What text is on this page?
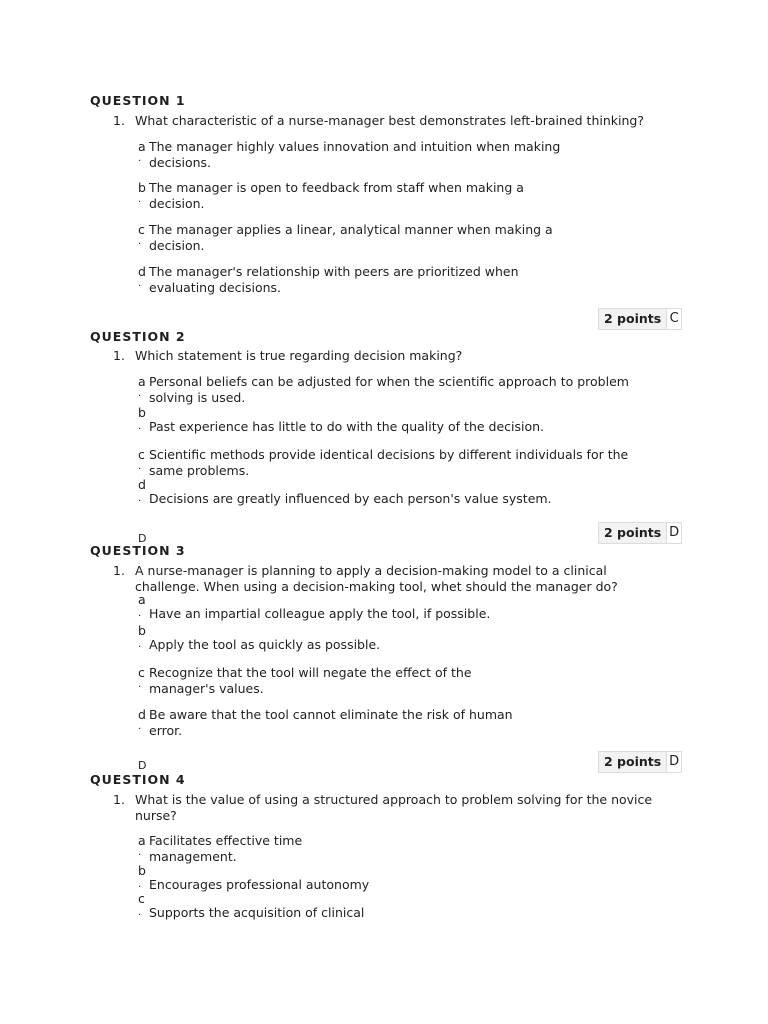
QUESTION 1
1. What characteristic of a nurse-manager best demonstrates left-brained thinking?
a
.
The manager highly values innovation and intuition when making decisions.
b
.
The manager is open to feedback from staff when making a decision.
c
.
The manager applies a linear, analytical manner when making a decision.
d
.
The manager's relationship with peers are prioritized when evaluating decisions.
2 points C
QUESTION 2
1. Which statement is true regarding decision making?
a
.
Personal beliefs can be adjusted for when the scientific approach to problem solving is used.
b
. Past experience has little to do with the quality of the decision.
c
.
Scientific methods provide identical decisions by different individuals for the same problems.
d
. Decisions are greatly influenced by each person's value system.
2 points D
D
QUESTION 3
1. A nurse-manager is planning to apply a decision-making model to a clinical challenge. When using a decision-making tool, whet should the manager do?
a
. Have an impartial colleague apply the tool, if possible.
b
. Apply the tool as quickly as possible.
c
.
Recognize that the tool will negate the effect of the manager's values.
d
.
Be aware that the tool cannot eliminate the risk of human error.
2 points D
D
QUESTION 4
1. What is the value of using a structured approach to problem solving for the novice nurse?
a
.
Facilitates effective time management.
b
. Encourages professional autonomy
c
. Supports the acquisition of clinical
